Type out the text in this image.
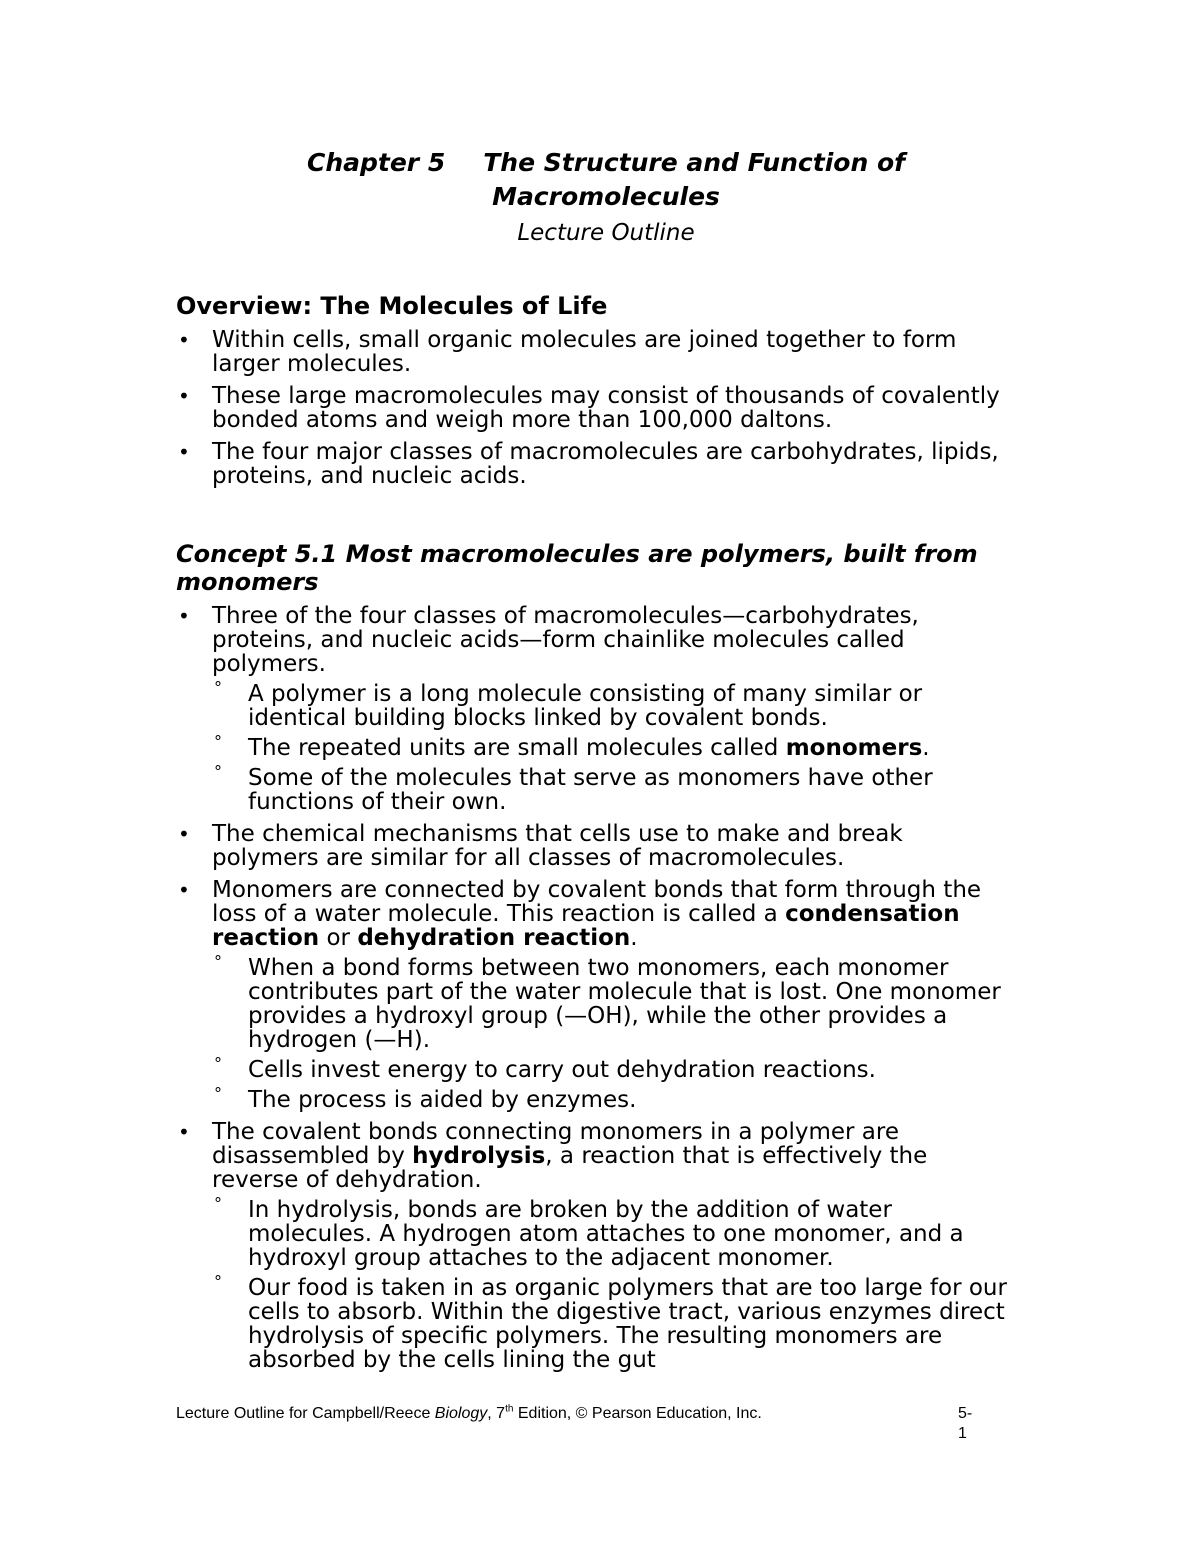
Chapter 5 The Structure and Function of Macromolecules

Lecture Outline

Overview: The Molecules of Life

• Within cells, small organic molecules are joined together to form larger molecules.
• These large macromolecules may consist of thousands of covalently bonded atoms and weigh more than 100,000 daltons.
• The four major classes of macromolecules are carbohydrates, lipids, proteins, and nucleic acids.

Concept 5.1 Most macromolecules are polymers, built from monomers

• Three of the four classes of macromolecules—carbohydrates, proteins, and nucleic acids—form chainlike molecules called polymers.
° A polymer is a long molecule consisting of many similar or identical building blocks linked by covalent bonds.
° The repeated units are small molecules called monomers.
° Some of the molecules that serve as monomers have other functions of their own.
• The chemical mechanisms that cells use to make and break polymers are similar for all classes of macromolecules.
• Monomers are connected by covalent bonds that form through the loss of a water molecule. This reaction is called a condensation reaction or dehydration reaction.
° When a bond forms between two monomers, each monomer contributes part of the water molecule that is lost. One monomer provides a hydroxyl group (—OH), while the other provides a hydrogen (—H).
° Cells invest energy to carry out dehydration reactions.
° The process is aided by enzymes.
• The covalent bonds connecting monomers in a polymer are disassembled by hydrolysis, a reaction that is effectively the reverse of dehydration.
° In hydrolysis, bonds are broken by the addition of water molecules. A hydrogen atom attaches to one monomer, and a hydroxyl group attaches to the adjacent monomer.
° Our food is taken in as organic polymers that are too large for our cells to absorb. Within the digestive tract, various enzymes direct hydrolysis of specific polymers. The resulting monomers are absorbed by the cells lining the gut
Lecture Outline for Campbell/Reece Biology, 7th Edition, © Pearson Education, Inc.	5-1
